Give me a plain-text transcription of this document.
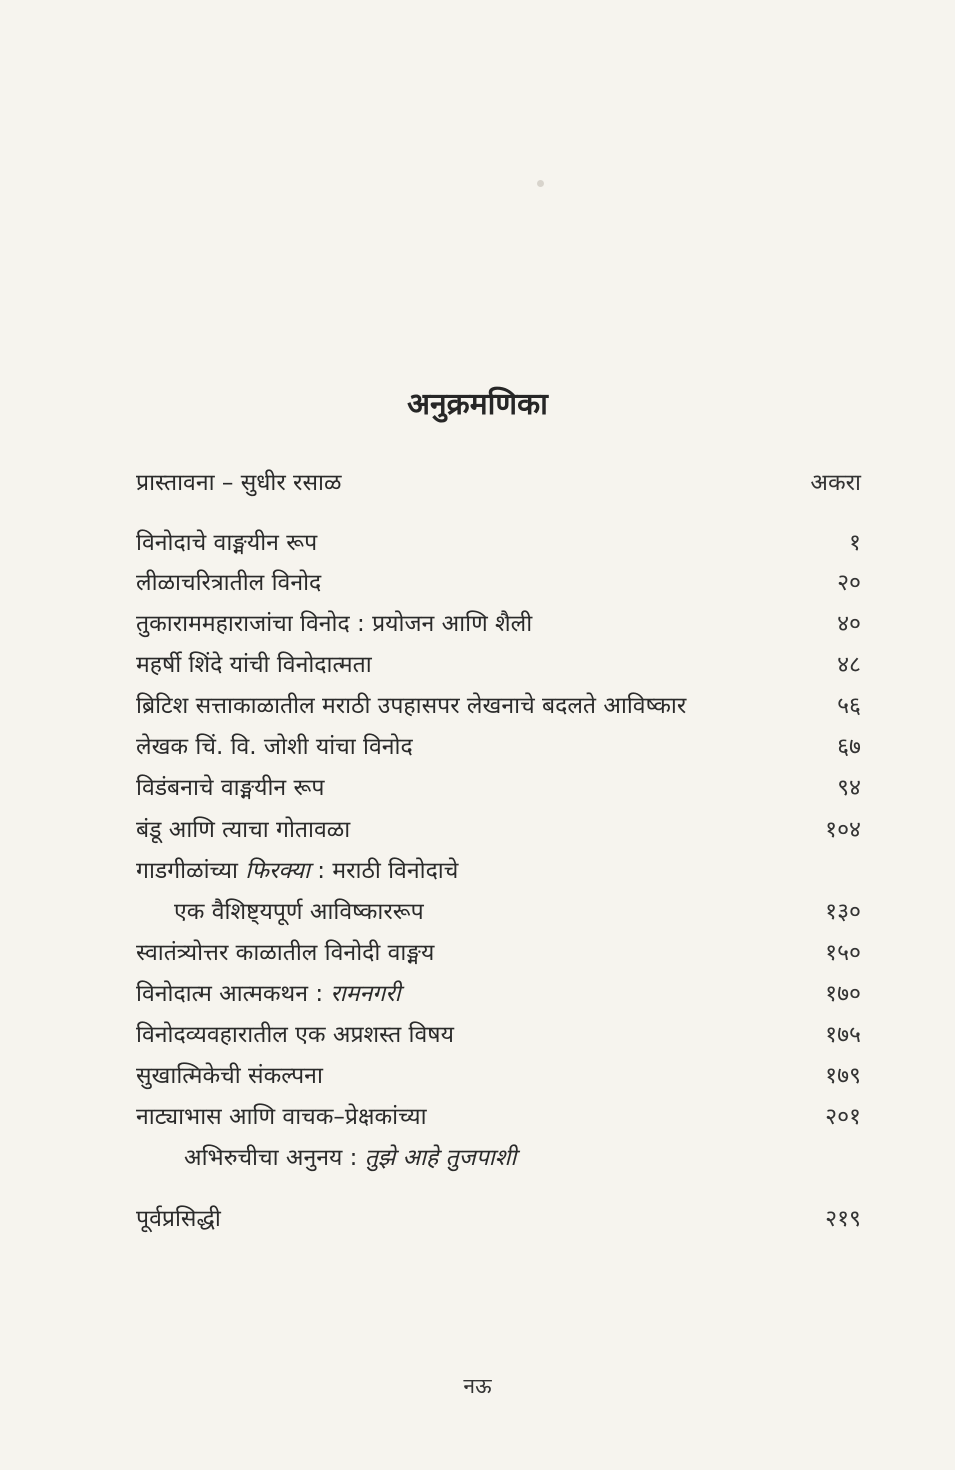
अनुक्रमणिका
प्रास्तावना – सुधीर रसाळ	अकरा
विनोदाचे वाङ्मयीन रूप	१
लीळाचरित्रातील विनोद	२०
तुकाराममहाराजांचा विनोद : प्रयोजन आणि शैली	४०
महर्षी शिंदे यांची विनोदात्मता	४८
ब्रिटिश सत्ताकाळातील मराठी उपहासपर लेखनाचे बदलते आविष्कार	५६
लेखक चिं. वि. जोशी यांचा विनोद	६७
विडंबनाचे वाङ्मयीन रूप	९४
बंडू आणि त्याचा गोतावळा	१०४
गाडगीळांच्या फिरक्या : मराठी विनोदाचे
एक वैशिष्ट्यपूर्ण आविष्काररूप	१३०
स्वातंत्र्योत्तर काळातील विनोदी वाङ्मय	१५०
विनोदात्म आत्मकथन : रामनगरी	१७०
विनोदव्यवहारातील एक अप्रशस्त विषय	१७५
सुखात्मिकेची संकल्पना	१७९
नाट्याभास आणि वाचक–प्रेक्षकांच्या	२०१
अभिरुचीचा अनुनय : तुझे आहे तुजपाशी
पूर्वप्रसिद्धी	२१९
नऊ
